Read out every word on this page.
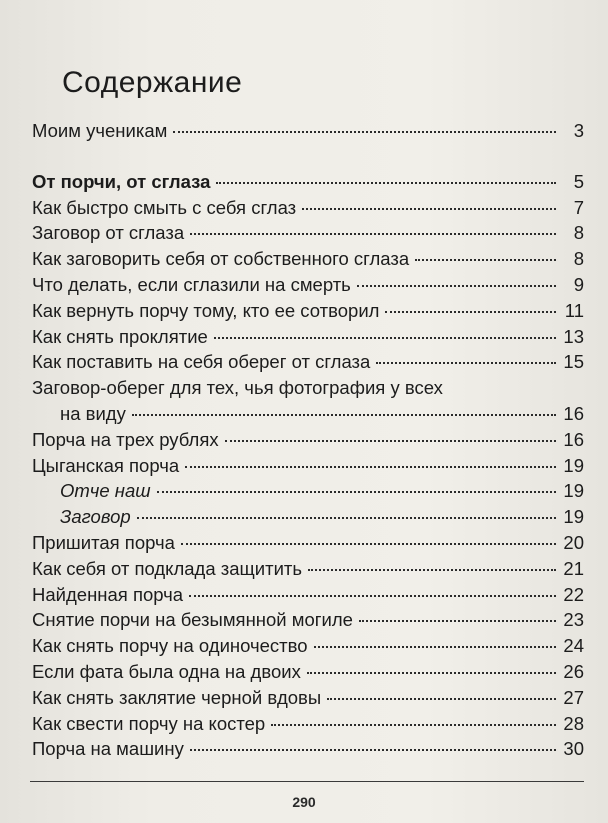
Содержание
Моим ученикам	3
От порчи, от сглаза	5
Как быстро смыть с себя сглаз	7
Заговор от сглаза	8
Как заговорить себя от собственного сглаза	8
Что делать, если сглазили на смерть	9
Как вернуть порчу тому, кто ее сотворил	11
Как снять проклятие	13
Как поставить на себя оберег от сглаза	15
Заговор-оберег для тех, чья фотография у всех
на виду	16
Порча на трех рублях	16
Цыганская порча	19
Отче наш	19
Заговор	19
Пришитая порча	20
Как себя от подклада защитить	21
Найденная порча	22
Снятие порчи на безымянной могиле	23
Как снять порчу на одиночество	24
Если фата была одна на двоих	26
Как снять заклятие черной вдовы	27
Как свести порчу на костер	28
Порча на машину	30
290
